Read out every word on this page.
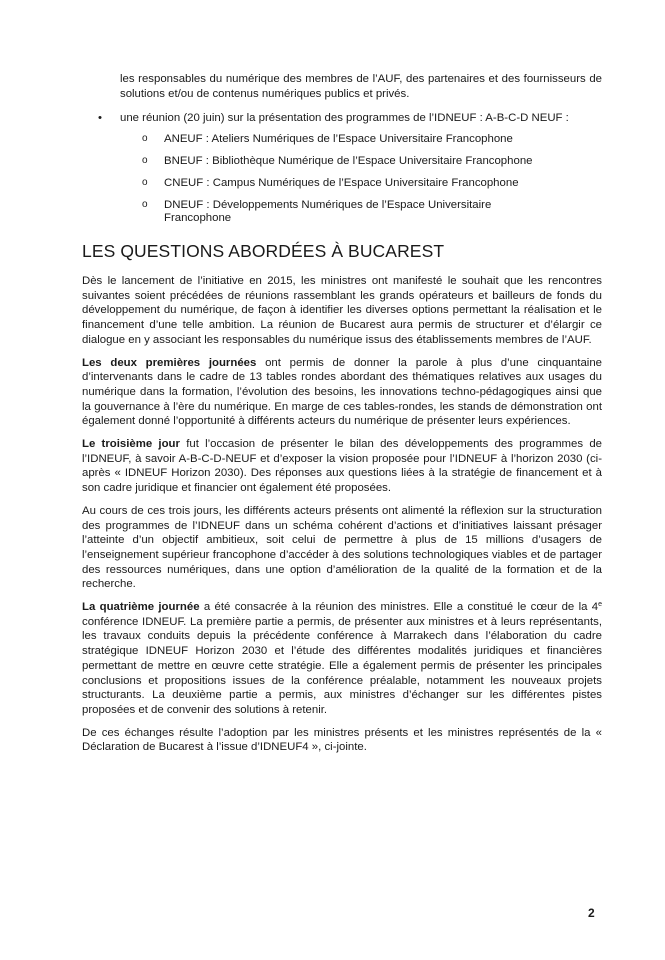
les responsables du numérique des membres de l’AUF, des partenaires et des fournisseurs de solutions et/ou de contenus numériques publics et privés.

• une réunion (20 juin) sur la présentation des programmes de l’IDNEUF : A-B-C-D NEUF :
o ANEUF : Ateliers Numériques de l’Espace Universitaire Francophone
o BNEUF : Bibliothèque Numérique de l’Espace Universitaire Francophone
o CNEUF : Campus Numériques de l’Espace Universitaire Francophone
o DNEUF : Développements Numériques de l’Espace Universitaire Francophone
LES QUESTIONS ABORDÉES À BUCAREST

Dès le lancement de l’initiative en 2015, les ministres ont manifesté le souhait que les rencontres suivantes soient précédées de réunions rassemblant les grands opérateurs et bailleurs de fonds du développement du numérique, de façon à identifier les diverses options permettant la réalisation et le financement d’une telle ambition. La réunion de Bucarest aura permis de structurer et d’élargir ce dialogue en y associant les responsables du numérique issus des établissements membres de l’AUF.

Les deux premières journées ont permis de donner la parole à plus d’une cinquantaine d’intervenants dans le cadre de 13 tables rondes abordant des thématiques relatives aux usages du numérique dans la formation, l’évolution des besoins, les innovations techno-pédagogiques ainsi que la gouvernance à l’ère du numérique. En marge de ces tables-rondes, les stands de démonstration ont également donné l’opportunité à différents acteurs du numérique de présenter leurs expériences.

Le troisième jour fut l’occasion de présenter le bilan des développements des programmes de l’IDNEUF, à savoir A-B-C-D-NEUF et d’exposer la vision proposée pour l’IDNEUF à l’horizon 2030 (ci-après « IDNEUF Horizon 2030). Des réponses aux questions liées à la stratégie de financement et à son cadre juridique et financier ont également été proposées.

Au cours de ces trois jours, les différents acteurs présents ont alimenté la réflexion sur la structuration des programmes de l’IDNEUF dans un schéma cohérent d’actions et d’initiatives laissant présager l’atteinte d’un objectif ambitieux, soit celui de permettre à plus de 15 millions d’usagers de l’enseignement supérieur francophone d’accéder à des solutions technologiques viables et de partager des ressources numériques, dans une option d’amélioration de la qualité de la formation et de la recherche.

La quatrième journée a été consacrée à la réunion des ministres. Elle a constitué le cœur de la 4e conférence IDNEUF. La première partie a permis, de présenter aux ministres et à leurs représentants, les travaux conduits depuis la précédente conférence à Marrakech dans l’élaboration du cadre stratégique IDNEUF Horizon 2030 et l’étude des différentes modalités juridiques et financières permettant de mettre en œuvre cette stratégie. Elle a également permis de présenter les principales conclusions et propositions issues de la conférence préalable, notamment les nouveaux projets structurants. La deuxième partie a permis, aux ministres d’échanger sur les différentes pistes proposées et de convenir des solutions à retenir.

De ces échanges résulte l’adoption par les ministres présents et les ministres représentés de la « Déclaration de Bucarest à l’issue d’IDNEUF4 », ci-jointe.

2
